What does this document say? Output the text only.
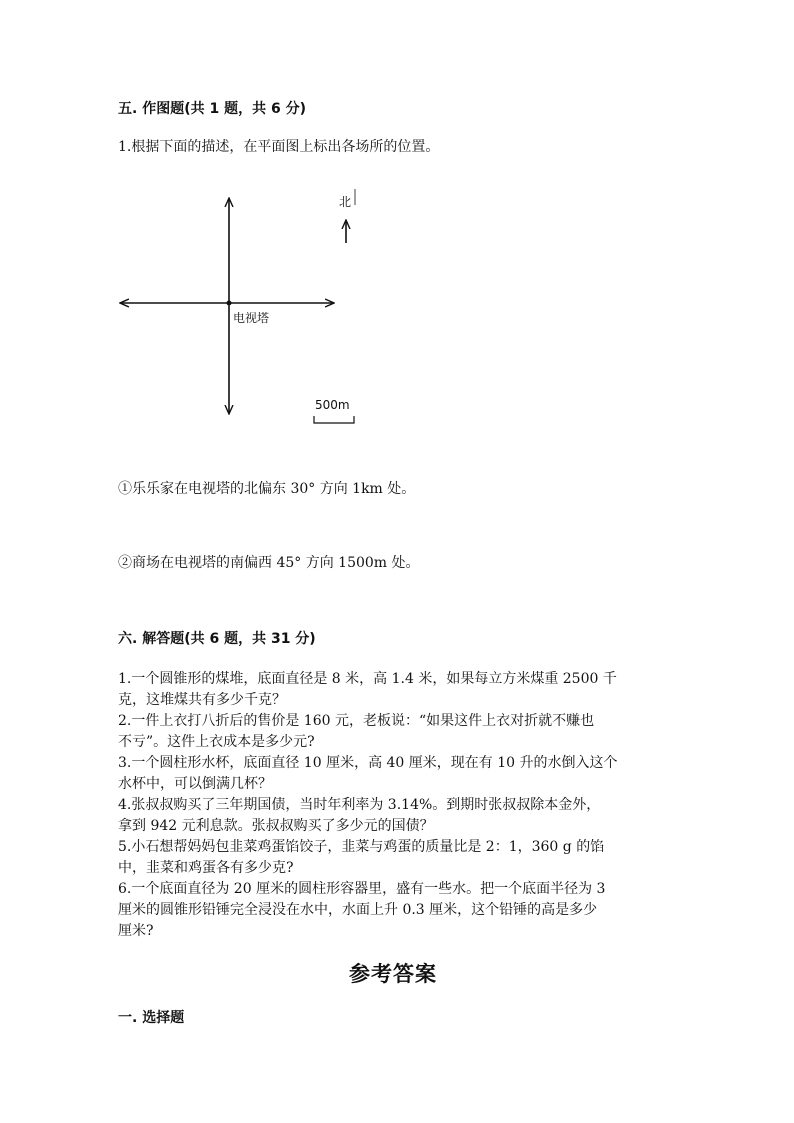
五. 作图题(共 1 题，共 6 分)
1.根据下面的描述，在平面图上标出各场所的位置。
电视塔
北
500m
①乐乐家在电视塔的北偏东 30° 方向 1km 处。
②商场在电视塔的南偏西 45° 方向 1500m 处。
六. 解答题(共 6 题，共 31 分)
1.一个圆锥形的煤堆，底面直径是 8 米，高 1.4 米，如果每立方米煤重 2500 千
克，这堆煤共有多少千克？
2.一件上衣打八折后的售价是 160 元，老板说：“如果这件上衣对折就不赚也
不亏”。这件上衣成本是多少元?
3.一个圆柱形水杯，底面直径 10 厘米，高 40 厘米，现在有 10 升的水倒入这个
水杯中，可以倒满几杯？
4.张叔叔购买了三年期国债，当时年利率为 3.14%。到期时张叔叔除本金外，
拿到 942 元利息款。张叔叔购买了多少元的国债？
5.小石想帮妈妈包韭菜鸡蛋馅饺子，韭菜与鸡蛋的质量比是 2：1，360 g 的馅
中，韭菜和鸡蛋各有多少克?
6.一个底面直径为 20 厘米的圆柱形容器里，盛有一些水。把一个底面半径为 3
厘米的圆锥形铅锤完全浸没在水中，水面上升 0.3 厘米，这个铅锤的高是多少
厘米?
参考答案
一. 选择题
